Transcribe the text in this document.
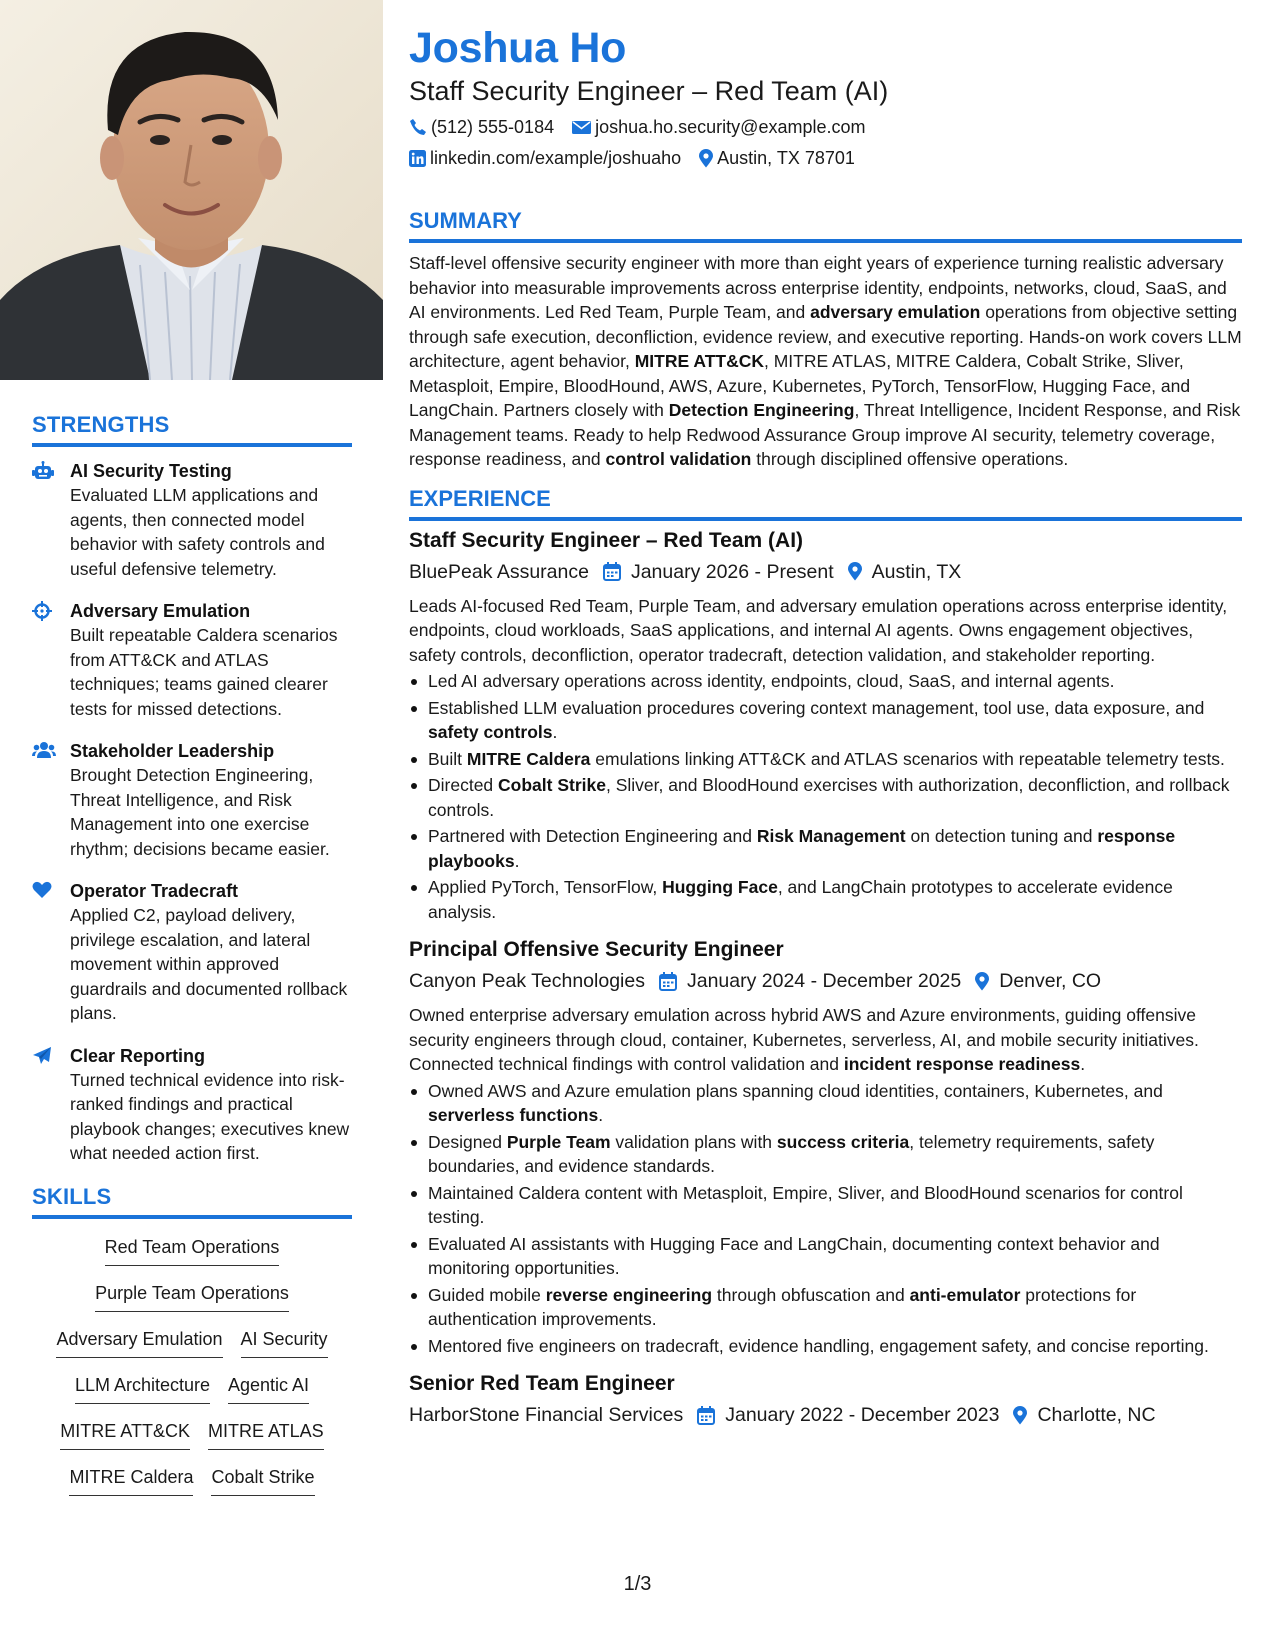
STRENGTHS
AI Security Testing
Evaluated LLM applications and agents, then connected model behavior with safety controls and useful defensive telemetry.
Adversary Emulation
Built repeatable Caldera scenarios from ATT&CK and ATLAS techniques; teams gained clearer tests for missed detections.
Stakeholder Leadership
Brought Detection Engineering, Threat Intelligence, and Risk Management into one exercise rhythm; decisions became easier.
Operator Tradecraft
Applied C2, payload delivery, privilege escalation, and lateral movement within approved guardrails and documented rollback plans.
Clear Reporting
Turned technical evidence into risk-ranked findings and practical playbook changes; executives knew what needed action first.
SKILLS
Red Team Operations
Purple Team Operations
Adversary Emulation AI Security
LLM Architecture Agentic AI
MITRE ATT&CK MITRE ATLAS
MITRE Caldera Cobalt Strike
Joshua Ho
Staff Security Engineer – Red Team (AI)
(512) 555-0184 joshua.ho.security@example.com
linkedin.com/example/joshuaho Austin, TX 78701
SUMMARY
Staff-level offensive security engineer with more than eight years of experience turning realistic adversary behavior into measurable improvements across enterprise identity, endpoints, networks, cloud, SaaS, and AI environments. Led Red Team, Purple Team, and adversary emulation operations from objective setting through safe execution, deconfliction, evidence review, and executive reporting. Hands-on work covers LLM architecture, agent behavior, MITRE ATT&CK, MITRE ATLAS, MITRE Caldera, Cobalt Strike, Sliver, Metasploit, Empire, BloodHound, AWS, Azure, Kubernetes, PyTorch, TensorFlow, Hugging Face, and LangChain. Partners closely with Detection Engineering, Threat Intelligence, Incident Response, and Risk Management teams. Ready to help Redwood Assurance Group improve AI security, telemetry coverage, response readiness, and control validation through disciplined offensive operations.
EXPERIENCE
Staff Security Engineer – Red Team (AI)
BluePeak Assurance January 2026 - Present Austin, TX
Leads AI-focused Red Team, Purple Team, and adversary emulation operations across enterprise identity, endpoints, cloud workloads, SaaS applications, and internal AI agents. Owns engagement objectives, safety controls, deconfliction, operator tradecraft, detection validation, and stakeholder reporting.
Led AI adversary operations across identity, endpoints, cloud, SaaS, and internal agents.
Established LLM evaluation procedures covering context management, tool use, data exposure, and safety controls.
Built MITRE Caldera emulations linking ATT&CK and ATLAS scenarios with repeatable telemetry tests.
Directed Cobalt Strike, Sliver, and BloodHound exercises with authorization, deconfliction, and rollback controls.
Partnered with Detection Engineering and Risk Management on detection tuning and response playbooks.
Applied PyTorch, TensorFlow, Hugging Face, and LangChain prototypes to accelerate evidence analysis.
Principal Offensive Security Engineer
Canyon Peak Technologies January 2024 - December 2025 Denver, CO
Owned enterprise adversary emulation across hybrid AWS and Azure environments, guiding offensive security engineers through cloud, container, Kubernetes, serverless, AI, and mobile security initiatives. Connected technical findings with control validation and incident response readiness.
Owned AWS and Azure emulation plans spanning cloud identities, containers, Kubernetes, and serverless functions.
Designed Purple Team validation plans with success criteria, telemetry requirements, safety boundaries, and evidence standards.
Maintained Caldera content with Metasploit, Empire, Sliver, and BloodHound scenarios for control testing.
Evaluated AI assistants with Hugging Face and LangChain, documenting context behavior and monitoring opportunities.
Guided mobile reverse engineering through obfuscation and anti-emulator protections for authentication improvements.
Mentored five engineers on tradecraft, evidence handling, engagement safety, and concise reporting.
Senior Red Team Engineer
HarborStone Financial Services January 2022 - December 2023 Charlotte, NC
1/3
